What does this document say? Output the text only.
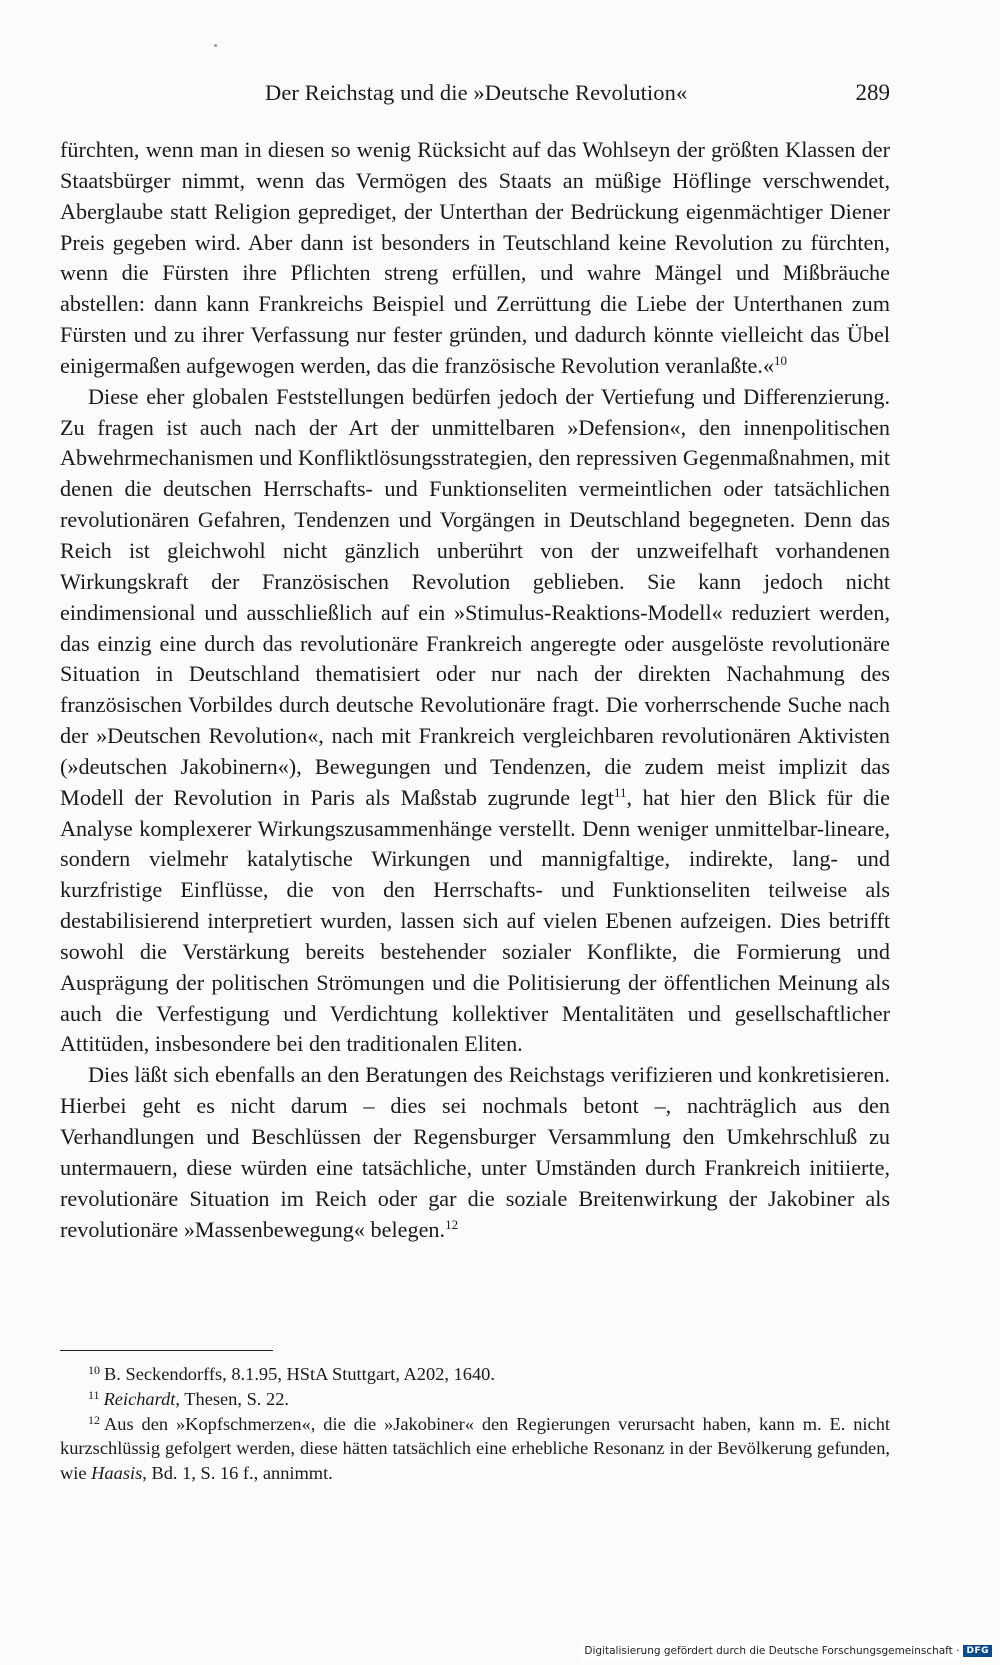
Der Reichstag und die »Deutsche Revolution«	289

fürchten, wenn man in diesen so wenig Rücksicht auf das Wohlseyn der größten Klassen der Staatsbürger nimmt, wenn das Vermögen des Staats an müßige Höflinge verschwendet, Aberglaube statt Religion geprediget, der Unterthan der Bedrückung eigenmächtiger Diener Preis gegeben wird. Aber dann ist besonders in Teutschland keine Revolution zu fürchten, wenn die Fürsten ihre Pflichten streng erfüllen, und wahre Mängel und Mißbräuche abstellen: dann kann Frankreichs Beispiel und Zerrüttung die Liebe der Unterthanen zum Fürsten und zu ihrer Verfassung nur fester gründen, und dadurch könnte vielleicht das Übel einigermaßen aufgewogen werden, das die französische Revolution veranlaßte.«$^{10}$

Diese eher globalen Feststellungen bedürfen jedoch der Vertiefung und Differenzierung. Zu fragen ist auch nach der Art der unmittelbaren »Defension«, den innenpolitischen Abwehrmechanismen und Konfliktlösungsstrategien, den repressiven Gegenmaßnahmen, mit denen die deutschen Herrschafts- und Funktionseliten vermeintlichen oder tatsächlichen revolutionären Gefahren, Tendenzen und Vorgängen in Deutschland begegneten. Denn das Reich ist gleichwohl nicht gänzlich unberührt von der unzweifelhaft vorhandenen Wirkungskraft der Französischen Revolution geblieben. Sie kann jedoch nicht eindimensional und ausschließlich auf ein »Stimulus-Reaktions-Modell« reduziert werden, das einzig eine durch das revolutionäre Frankreich angeregte oder ausgelöste revolutionäre Situation in Deutschland thematisiert oder nur nach der direkten Nachahmung des französischen Vorbildes durch deutsche Revolutionäre fragt. Die vorherrschende Suche nach der »Deutschen Revolution«, nach mit Frankreich vergleichbaren revolutionären Aktivisten (»deutschen Jakobinern«), Bewegungen und Tendenzen, die zudem meist implizit das Modell der Revolution in Paris als Maßstab zugrunde legt$^{11}$, hat hier den Blick für die Analyse komplexerer Wirkungszusammenhänge verstellt. Denn weniger unmittelbar-lineare, sondern vielmehr katalytische Wirkungen und mannigfaltige, indirekte, lang- und kurzfristige Einflüsse, die von den Herrschafts- und Funktionseliten teilweise als destabilisierend interpretiert wurden, lassen sich auf vielen Ebenen aufzeigen. Dies betrifft sowohl die Verstärkung bereits bestehender sozialer Konflikte, die Formierung und Ausprägung der politischen Strömungen und die Politisierung der öffentlichen Meinung als auch die Verfestigung und Verdichtung kollektiver Mentalitäten und gesellschaftlicher Attitüden, insbesondere bei den traditionalen Eliten.

Dies läßt sich ebenfalls an den Beratungen des Reichstags verifizieren und konkretisieren. Hierbei geht es nicht darum – dies sei nochmals betont –, nachträglich aus den Verhandlungen und Beschlüssen der Regensburger Versammlung den Umkehrschluß zu untermauern, diese würden eine tatsächliche, unter Umständen durch Frankreich initiierte, revolutionäre Situation im Reich oder gar die soziale Breitenwirkung der Jakobiner als revolutionäre »Massenbewegung« belegen.$^{12}$

$^{10}$ B. Seckendorffs, 8.1.95, HStA Stuttgart, A202, 1640.

$^{11}$ Reichardt, Thesen, S. 22.

$^{12}$ Aus den »Kopfschmerzen«, die die »Jakobiner« den Regierungen verursacht haben, kann m. E. nicht kurzschlüssig gefolgert werden, diese hätten tatsächlich eine erhebliche Resonanz in der Bevölkerung gefunden, wie Haasis, Bd. 1, S. 16 f., annimmt.

Digitalisierung gefördert durch die Deutsche Forschungsgemeinschaft · DFG
